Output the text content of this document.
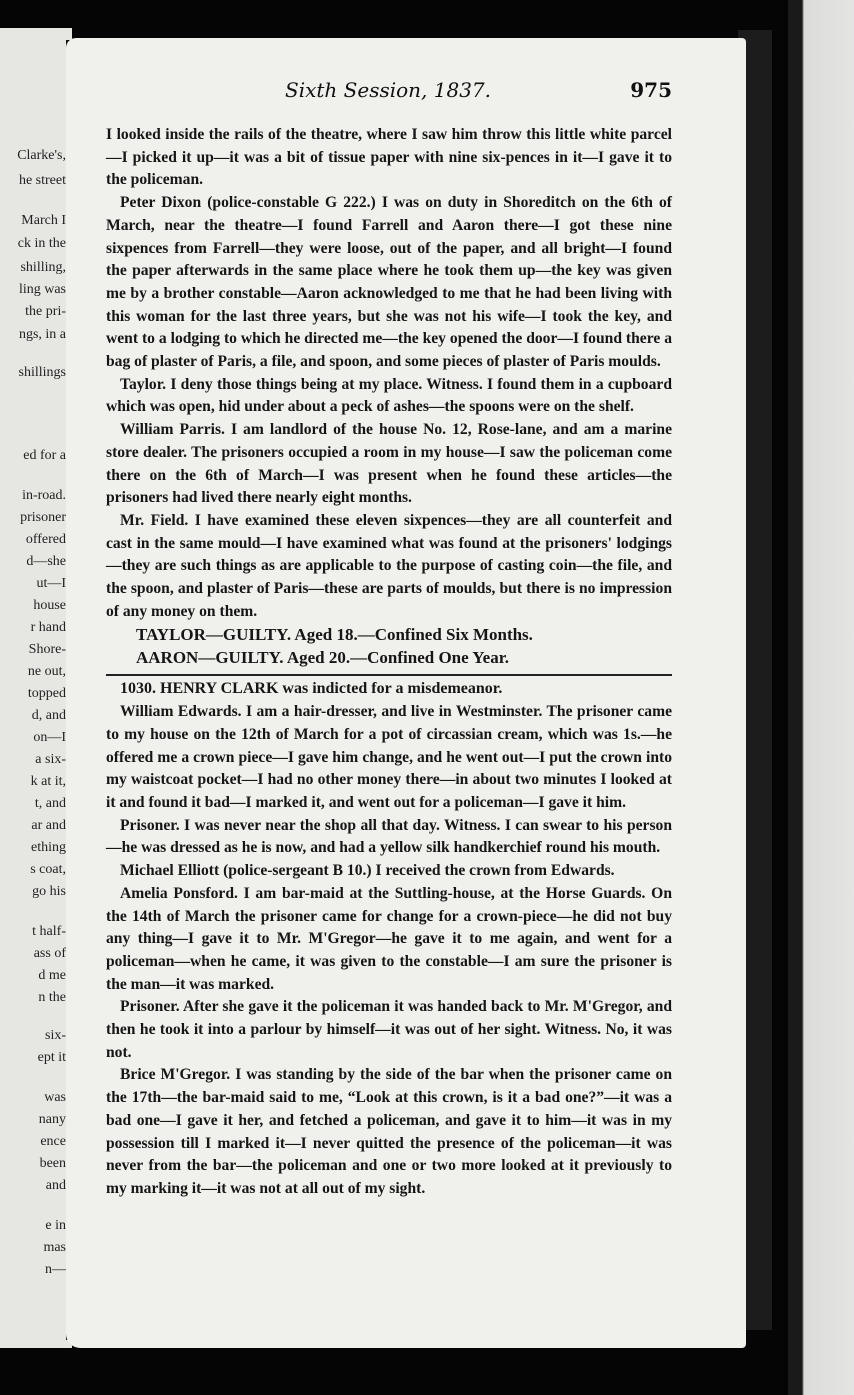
Clarke's,
he street
March I
ck in the
shilling,
ling was
the pri-
ngs, in a
shillings
ed for a
in-road.
prisoner
offered
d—she
ut—I
house
r hand
Shore-
ne out,
topped
d, and
on—I
a six-
k at it,
t, and
ar and
ething
s coat,
go his
t half-
ass of
d me
n the
six-
ept it
was
nany
ence
been
and
e in
mas
n—
Sixth Session, 1837.	975

I looked inside the rails of the theatre, where I saw him throw this little white parcel—I picked it up—it was a bit of tissue paper with nine six-pences in it—I gave it to the policeman.

Peter Dixon (police-constable G 222.) I was on duty in Shoreditch on the 6th of March, near the theatre—I found Farrell and Aaron there—I got these nine sixpences from Farrell—they were loose, out of the paper, and all bright—I found the paper afterwards in the same place where he took them up—the key was given me by a brother constable—Aaron acknowledged to me that he had been living with this woman for the last three years, but she was not his wife—I took the key, and went to a lodging to which he directed me—the key opened the door—I found there a bag of plaster of Paris, a file, and spoon, and some pieces of plaster of Paris moulds.

Taylor. I deny those things being at my place. Witness. I found them in a cupboard which was open, hid under about a peck of ashes—the spoons were on the shelf.

William Parris. I am landlord of the house No. 12, Rose-lane, and am a marine store dealer. The prisoners occupied a room in my house—I saw the policeman come there on the 6th of March—I was present when he found these articles—the prisoners had lived there nearly eight months.

Mr. Field. I have examined these eleven sixpences—they are all counterfeit and cast in the same mould—I have examined what was found at the prisoners' lodgings—they are such things as are applicable to the purpose of casting coin—the file, and the spoon, and plaster of Paris—these are parts of moulds, but there is no impression of any money on them.

TAYLOR—GUILTY. Aged 18.—Confined Six Months.

AARON—GUILTY. Aged 20.—Confined One Year.

1030. HENRY CLARK was indicted for a misdemeanor.

William Edwards. I am a hair-dresser, and live in Westminster. The prisoner came to my house on the 12th of March for a pot of circassian cream, which was 1s.—he offered me a crown piece—I gave him change, and he went out—I put the crown into my waistcoat pocket—I had no other money there—in about two minutes I looked at it and found it bad—I marked it, and went out for a policeman—I gave it him.

Prisoner. I was never near the shop all that day. Witness. I can swear to his person—he was dressed as he is now, and had a yellow silk handkerchief round his mouth.

Michael Elliott (police-sergeant B 10.) I received the crown from Edwards.

Amelia Ponsford. I am bar-maid at the Suttling-house, at the Horse Guards. On the 14th of March the prisoner came for change for a crown-piece—he did not buy any thing—I gave it to Mr. M'Gregor—he gave it to me again, and went for a policeman—when he came, it was given to the constable—I am sure the prisoner is the man—it was marked.

Prisoner. After she gave it the policeman it was handed back to Mr. M'Gregor, and then he took it into a parlour by himself—it was out of her sight. Witness. No, it was not.

Brice M'Gregor. I was standing by the side of the bar when the prisoner came on the 17th—the bar-maid said to me, “Look at this crown, is it a bad one?”—it was a bad one—I gave it her, and fetched a policeman, and gave it to him—it was in my possession till I marked it—I never quitted the presence of the policeman—it was never from the bar—the policeman and one or two more looked at it previously to my marking it—it was not at all out of my sight.
